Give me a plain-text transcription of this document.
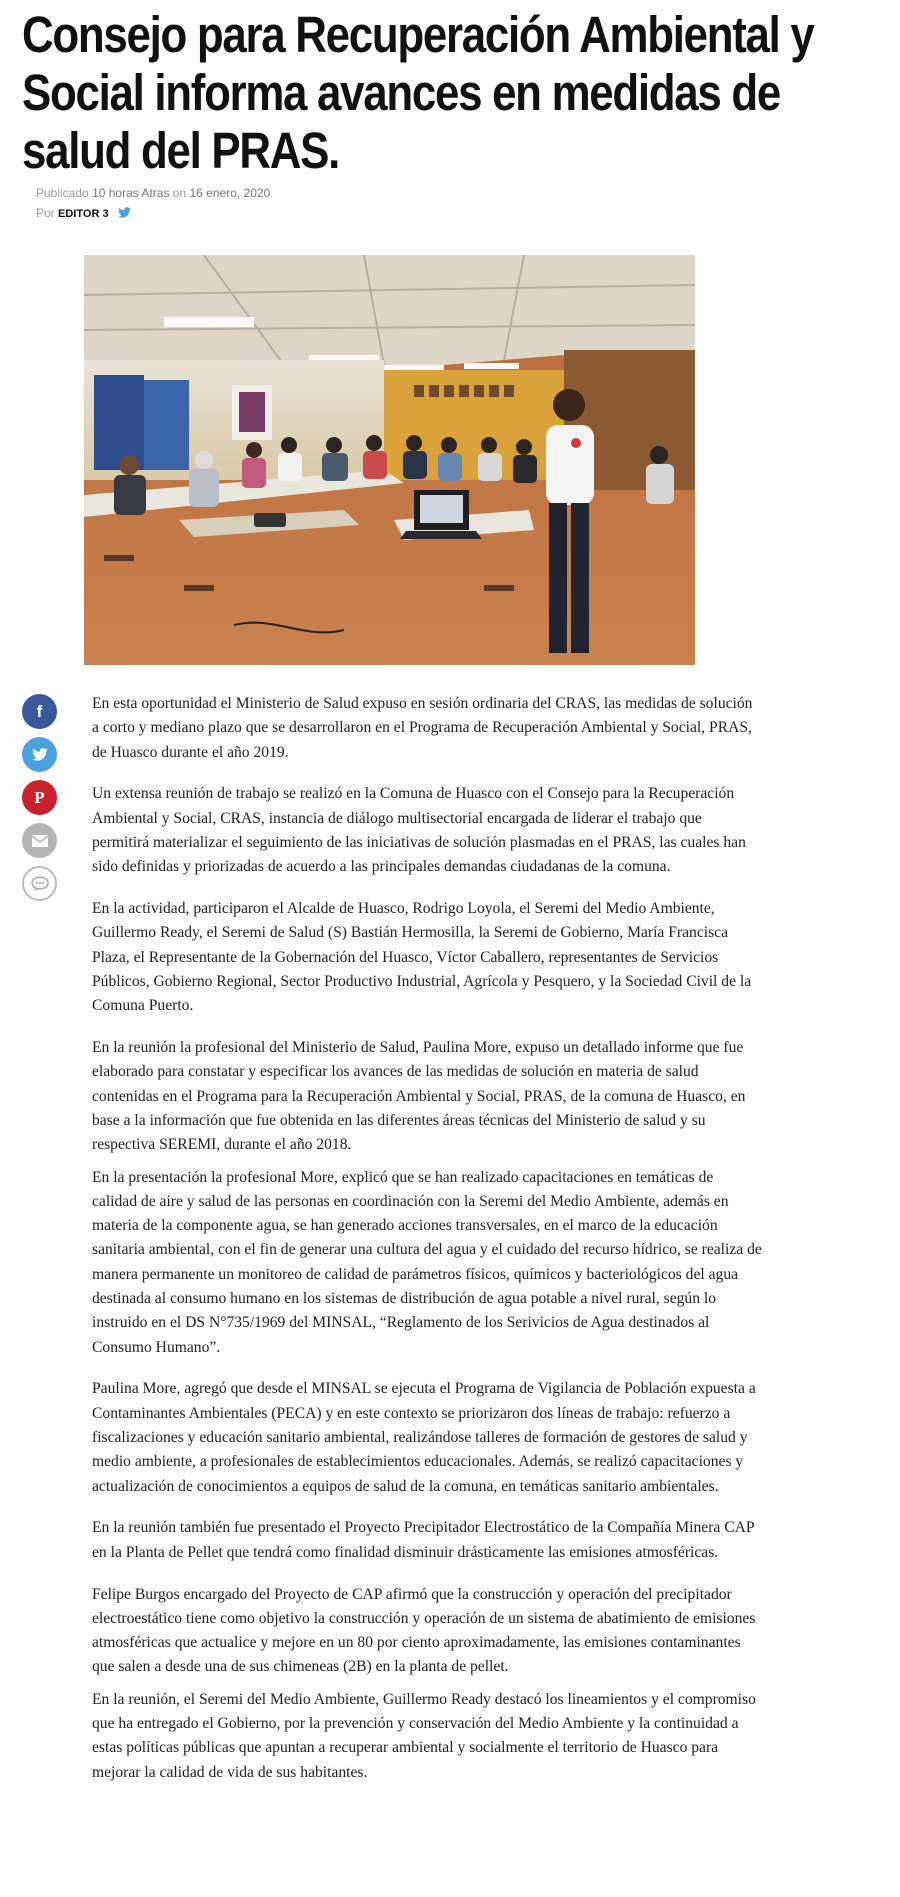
Consejo para Recuperación Ambiental y Social informa avances en medidas de salud del PRAS.
Publicado 10 horas Atras on 16 enero, 2020
Por EDITOR 3
f
P

En esta oportunidad el Ministerio de Salud expuso en sesión ordinaria del CRAS, las medidas de solución a corto y mediano plazo que se desarrollaron en el Programa de Recuperación Ambiental y Social, PRAS, de Huasco durante el año 2019.

Un extensa reunión de trabajo se realizó en la Comuna de Huasco con el Consejo para la Recuperación Ambiental y Social, CRAS, instancia de diálogo multisectorial encargada de liderar el trabajo que permitirá materializar el seguimiento de las iniciativas de solución plasmadas en el PRAS, las cuales han sido definidas y priorizadas de acuerdo a las principales demandas ciudadanas de la comuna.

En la actividad, participaron el Alcalde de Huasco, Rodrigo Loyola, el Seremi del Medio Ambiente, Guillermo Ready, el Seremi de Salud (S) Bastián Hermosilla, la Seremi de Gobierno, María Francisca Plaza, el Representante de la Gobernación del Huasco, Víctor Caballero, representantes de Servicios Públicos, Gobierno Regional, Sector Productivo Industrial, Agrícola y Pesquero, y la Sociedad Civil de la Comuna Puerto.

En la reunión la profesional del Ministerio de Salud, Paulina More, expuso un detallado informe que fue elaborado para constatar y especificar los avances de las medidas de solución en materia de salud contenidas en el Programa para la Recuperación Ambiental y Social, PRAS, de la comuna de Huasco, en base a la información que fue obtenida en las diferentes áreas técnicas del Ministerio de salud y su respectiva SEREMI, durante el año 2018.

En la presentación la profesional More, explicó que se han realizado capacitaciones en temáticas de calidad de aire y salud de las personas en coordinación con la Seremi del Medio Ambiente, además en materia de la componente agua, se han generado acciones transversales, en el marco de la educación sanitaria ambiental, con el fin de generar una cultura del agua y el cuidado del recurso hídrico, se realiza de manera permanente un monitoreo de calidad de parámetros físicos, químicos y bacteriológicos del agua destinada al consumo humano en los sistemas de distribución de agua potable a nivel rural, según lo instruido en el DS N°735/1969 del MINSAL, “Reglamento de los Serivicios de Agua destinados al Consumo Humano”.

Paulina More, agregó que desde el MINSAL se ejecuta el Programa de Vigilancia de Población expuesta a Contaminantes Ambientales (PECA) y en este contexto se priorizaron dos líneas de trabajo: refuerzo a fiscalizaciones y educación sanitario ambiental, realizándose talleres de formación de gestores de salud y medio ambiente, a profesionales de establecimientos educacionales. Además, se realizó capacitaciones y actualización de conocimientos a equipos de salud de la comuna, en temáticas sanitario ambientales.

En la reunión también fue presentado el Proyecto Precipitador Electrostático de la Compañía Minera CAP en la Planta de Pellet que tendrá como finalidad disminuir drásticamente las emisiones atmosféricas.

Felipe Burgos encargado del Proyecto de CAP afirmó que la construcción y operación del precipitador electroestático tiene como objetivo la construcción y operación de un sistema de abatimiento de emisiones atmosféricas que actualice y mejore en un 80 por ciento aproximadamente, las emisiones contaminantes que salen a desde una de sus chimeneas (2B) en la planta de pellet.

En la reunión, el Seremi del Medio Ambiente, Guillermo Ready destacó los lineamientos y el compromiso que ha entregado el Gobierno, por la prevención y conservación del Medio Ambiente y la continuidad a estas políticas públicas que apuntan a recuperar ambiental y socialmente el territorio de Huasco para mejorar la calidad de vida de sus habitantes.
